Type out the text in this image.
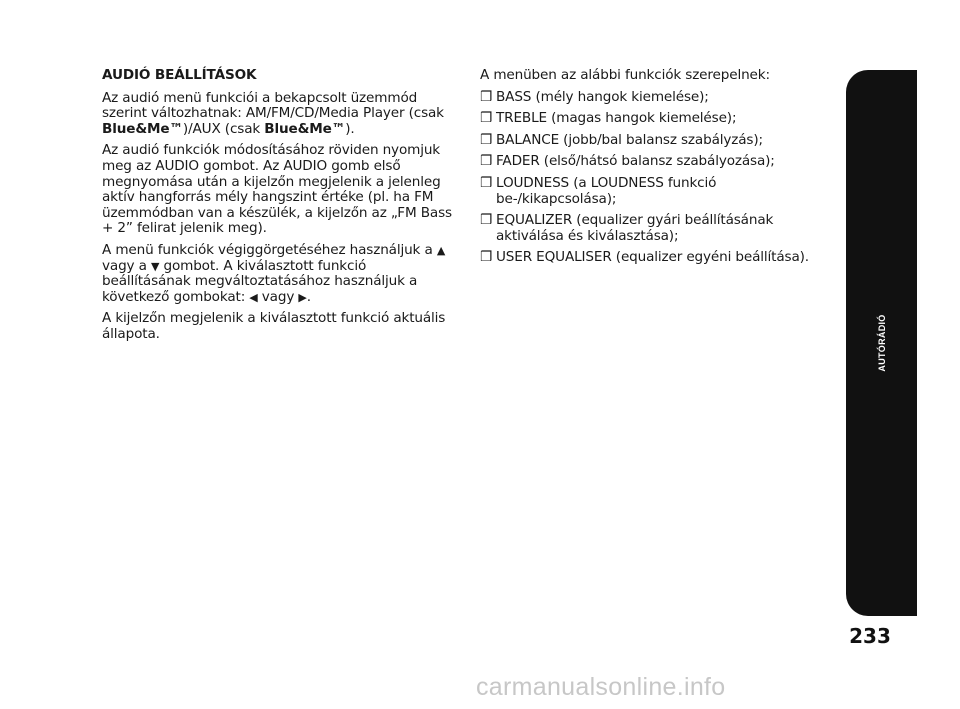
AUDIÓ BEÁLLÍTÁSOK

Az audió menü funkciói a bekapcsolt üzemmód szerint változhatnak: AM/FM/CD/Media Player (csak Blue&Me™)/AUX (csak Blue&Me™).

Az audió funkciók módosításához röviden nyomjuk meg az AUDIO gombot. Az AUDIO gomb első megnyomása után a kijelzőn megjelenik a jelenleg aktív hangforrás mély hangszint értéke (pl. ha FM üzemmódban van a készülék, a kijelzőn az „FM Bass + 2” felirat jelenik meg).

A menü funkciók végiggörgetéséhez használjuk a ▲ vagy a ▼ gombot. A kiválasztott funkció beállításának megváltoztatásához használjuk a következő gombokat: ◀ vagy ▶.

A kijelzőn megjelenik a kiválasztott funkció aktuális állapota.

A menüben az alábbi funkciók szerepelnek:

❒ BASS (mély hangok kiemelése);
❒ TREBLE (magas hangok kiemelése);
❒ BALANCE (jobb/bal balansz szabályzás);
❒ FADER (első/hátsó balansz szabályozása);
❒ LOUDNESS (a LOUDNESS funkció be-/kikapcsolása);
❒ EQUALIZER (equalizer gyári beállításának aktiválása és kiválasztása);
❒ USER EQUALISER (equalizer egyéni beállítása).
AUTÓRÁDIÓ
233
carmanualsonline.info
